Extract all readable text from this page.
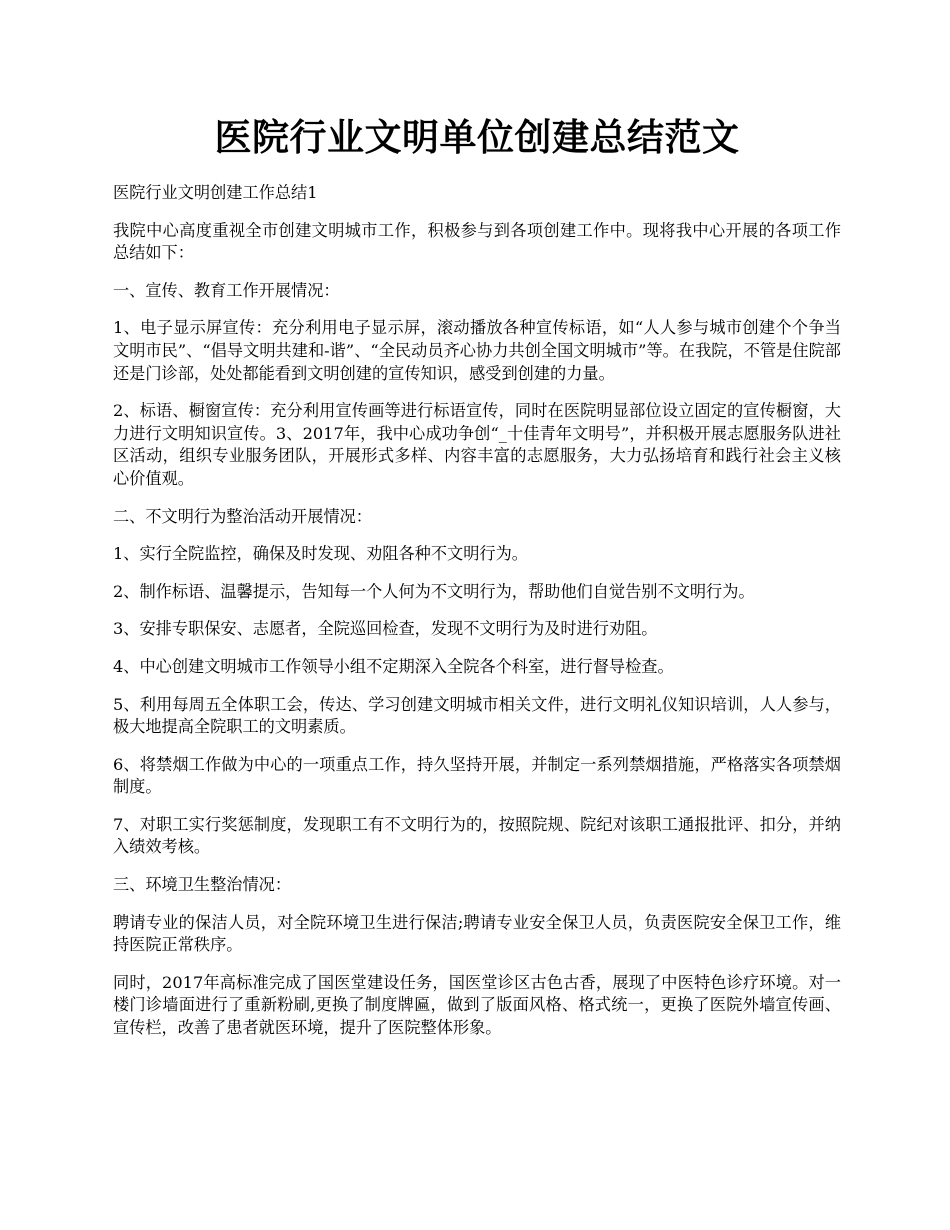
医院行业文明单位创建总结范文

医院行业文明创建工作总结1

我院中心高度重视全市创建文明城市工作，积极参与到各项创建工作中。现将我中心开展的各项工作总结如下：

一、宣传、教育工作开展情况：

1、电子显示屏宣传：充分利用电子显示屏，滚动播放各种宣传标语，如“人人参与城市创建个个争当文明市民”、“倡导文明共建和-谐”、“全民动员齐心协力共创全国文明城市”等。在我院，不管是住院部还是门诊部，处处都能看到文明创建的宣传知识，感受到创建的力量。

2、标语、橱窗宣传：充分利用宣传画等进行标语宣传，同时在医院明显部位设立固定的宣传橱窗，大力进行文明知识宣传。3、2017年，我中心成功争创“_十佳青年文明号”，并积极开展志愿服务队进社区活动，组织专业服务团队，开展形式多样、内容丰富的志愿服务，大力弘扬培育和践行社会主义核心价值观。

二、不文明行为整治活动开展情况：

1、实行全院监控，确保及时发现、劝阻各种不文明行为。

2、制作标语、温馨提示，告知每一个人何为不文明行为，帮助他们自觉告别不文明行为。

3、安排专职保安、志愿者，全院巡回检查，发现不文明行为及时进行劝阻。

4、中心创建文明城市工作领导小组不定期深入全院各个科室，进行督导检查。

5、利用每周五全体职工会，传达、学习创建文明城市相关文件，进行文明礼仪知识培训，人人参与，极大地提高全院职工的文明素质。

6、将禁烟工作做为中心的一项重点工作，持久坚持开展，并制定一系列禁烟措施，严格落实各项禁烟制度。

7、对职工实行奖惩制度，发现职工有不文明行为的，按照院规、院纪对该职工通报批评、扣分，并纳入绩效考核。

三、环境卫生整治情况：

聘请专业的保洁人员，对全院环境卫生进行保洁;聘请专业安全保卫人员，负责医院安全保卫工作，维持医院正常秩序。

同时，2017年高标准完成了国医堂建设任务，国医堂诊区古色古香，展现了中医特色诊疗环境。对一楼门诊墙面进行了重新粉刷,更换了制度牌匾，做到了版面风格、格式统一，更换了医院外墙宣传画、宣传栏，改善了患者就医环境，提升了医院整体形象。
